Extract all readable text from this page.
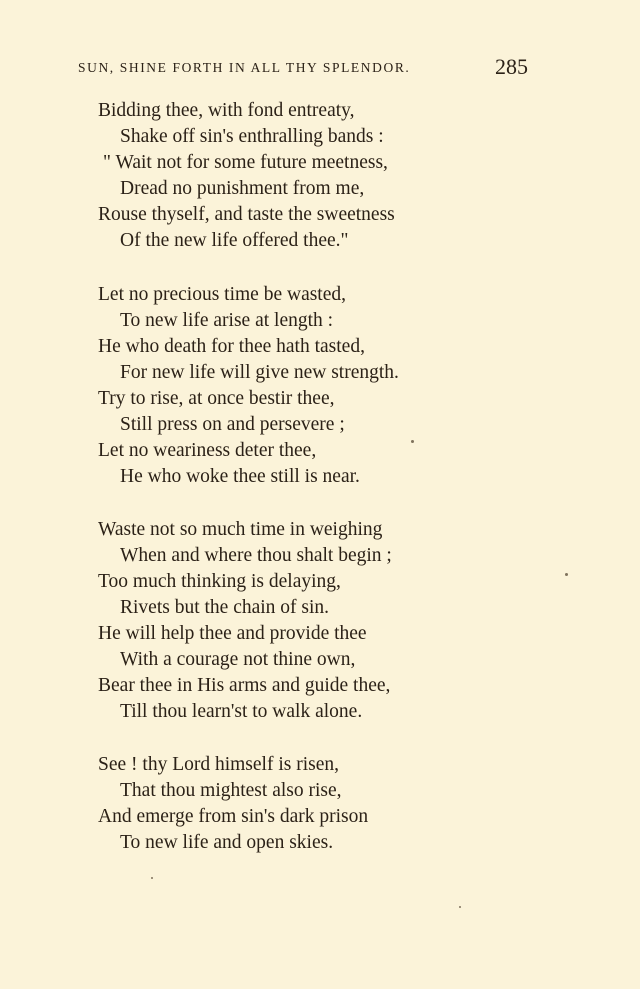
SUN, SHINE FORTH IN ALL THY SPLENDOR.	285
Bidding thee, with fond entreaty,
Shake off sin's enthralling bands :
" Wait not for some future meetness,
Dread no punishment from me,
Rouse thyself, and taste the sweetness
Of the new life offered thee."
Let no precious time be wasted,
To new life arise at length :
He who death for thee hath tasted,
For new life will give new strength.
Try to rise, at once bestir thee,
Still press on and persevere ;
Let no weariness deter thee,
He who woke thee still is near.
Waste not so much time in weighing
When and where thou shalt begin ;
Too much thinking is delaying,
Rivets but the chain of sin.
He will help thee and provide thee
With a courage not thine own,
Bear thee in His arms and guide thee,
Till thou learn'st to walk alone.
See ! thy Lord himself is risen,
That thou mightest also rise,
And emerge from sin's dark prison
To new life and open skies.
